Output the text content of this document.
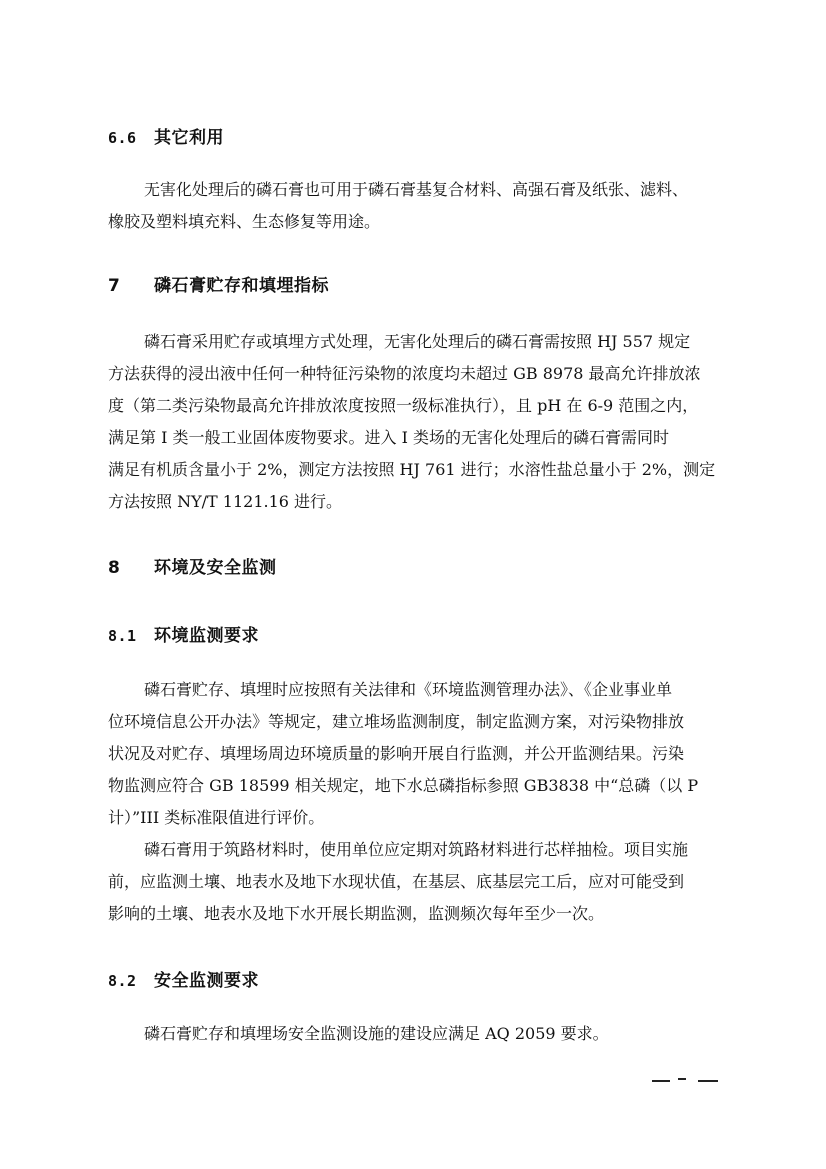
6.6 其它利用
无害化处理后的磷石膏也可用于磷石膏基复合材料、高强石膏及纸张、滤料、
橡胶及塑料填充料、生态修复等用途。
7 磷石膏贮存和填埋指标
磷石膏采用贮存或填埋方式处理，无害化处理后的磷石膏需按照 HJ 557 规定
方法获得的浸出液中任何一种特征污染物的浓度均未超过 GB 8978 最高允许排放浓
度（第二类污染物最高允许排放浓度按照一级标准执行），且 pH 在 6-9 范围之内，
满足第 I 类一般工业固体废物要求。进入 I 类场的无害化处理后的磷石膏需同时
满足有机质含量小于 2%，测定方法按照 HJ 761 进行；水溶性盐总量小于 2%，测定
方法按照 NY/T 1121.16 进行。
8 环境及安全监测
8.1 环境监测要求
磷石膏贮存、填埋时应按照有关法律和《环境监测管理办法》、《企业事业单
位环境信息公开办法》等规定，建立堆场监测制度，制定监测方案，对污染物排放
状况及对贮存、填埋场周边环境质量的影响开展自行监测，并公开监测结果。污染
物监测应符合 GB 18599 相关规定，地下水总磷指标参照 GB3838 中“总磷（以 P
计）”III 类标准限值进行评价。
磷石膏用于筑路材料时，使用单位应定期对筑路材料进行芯样抽检。项目实施
前，应监测土壤、地表水及地下水现状值，在基层、底基层完工后，应对可能受到
影响的土壤、地表水及地下水开展长期监测，监测频次每年至少一次。
8.2 安全监测要求
磷石膏贮存和填埋场安全监测设施的建设应满足 AQ 2059 要求。
